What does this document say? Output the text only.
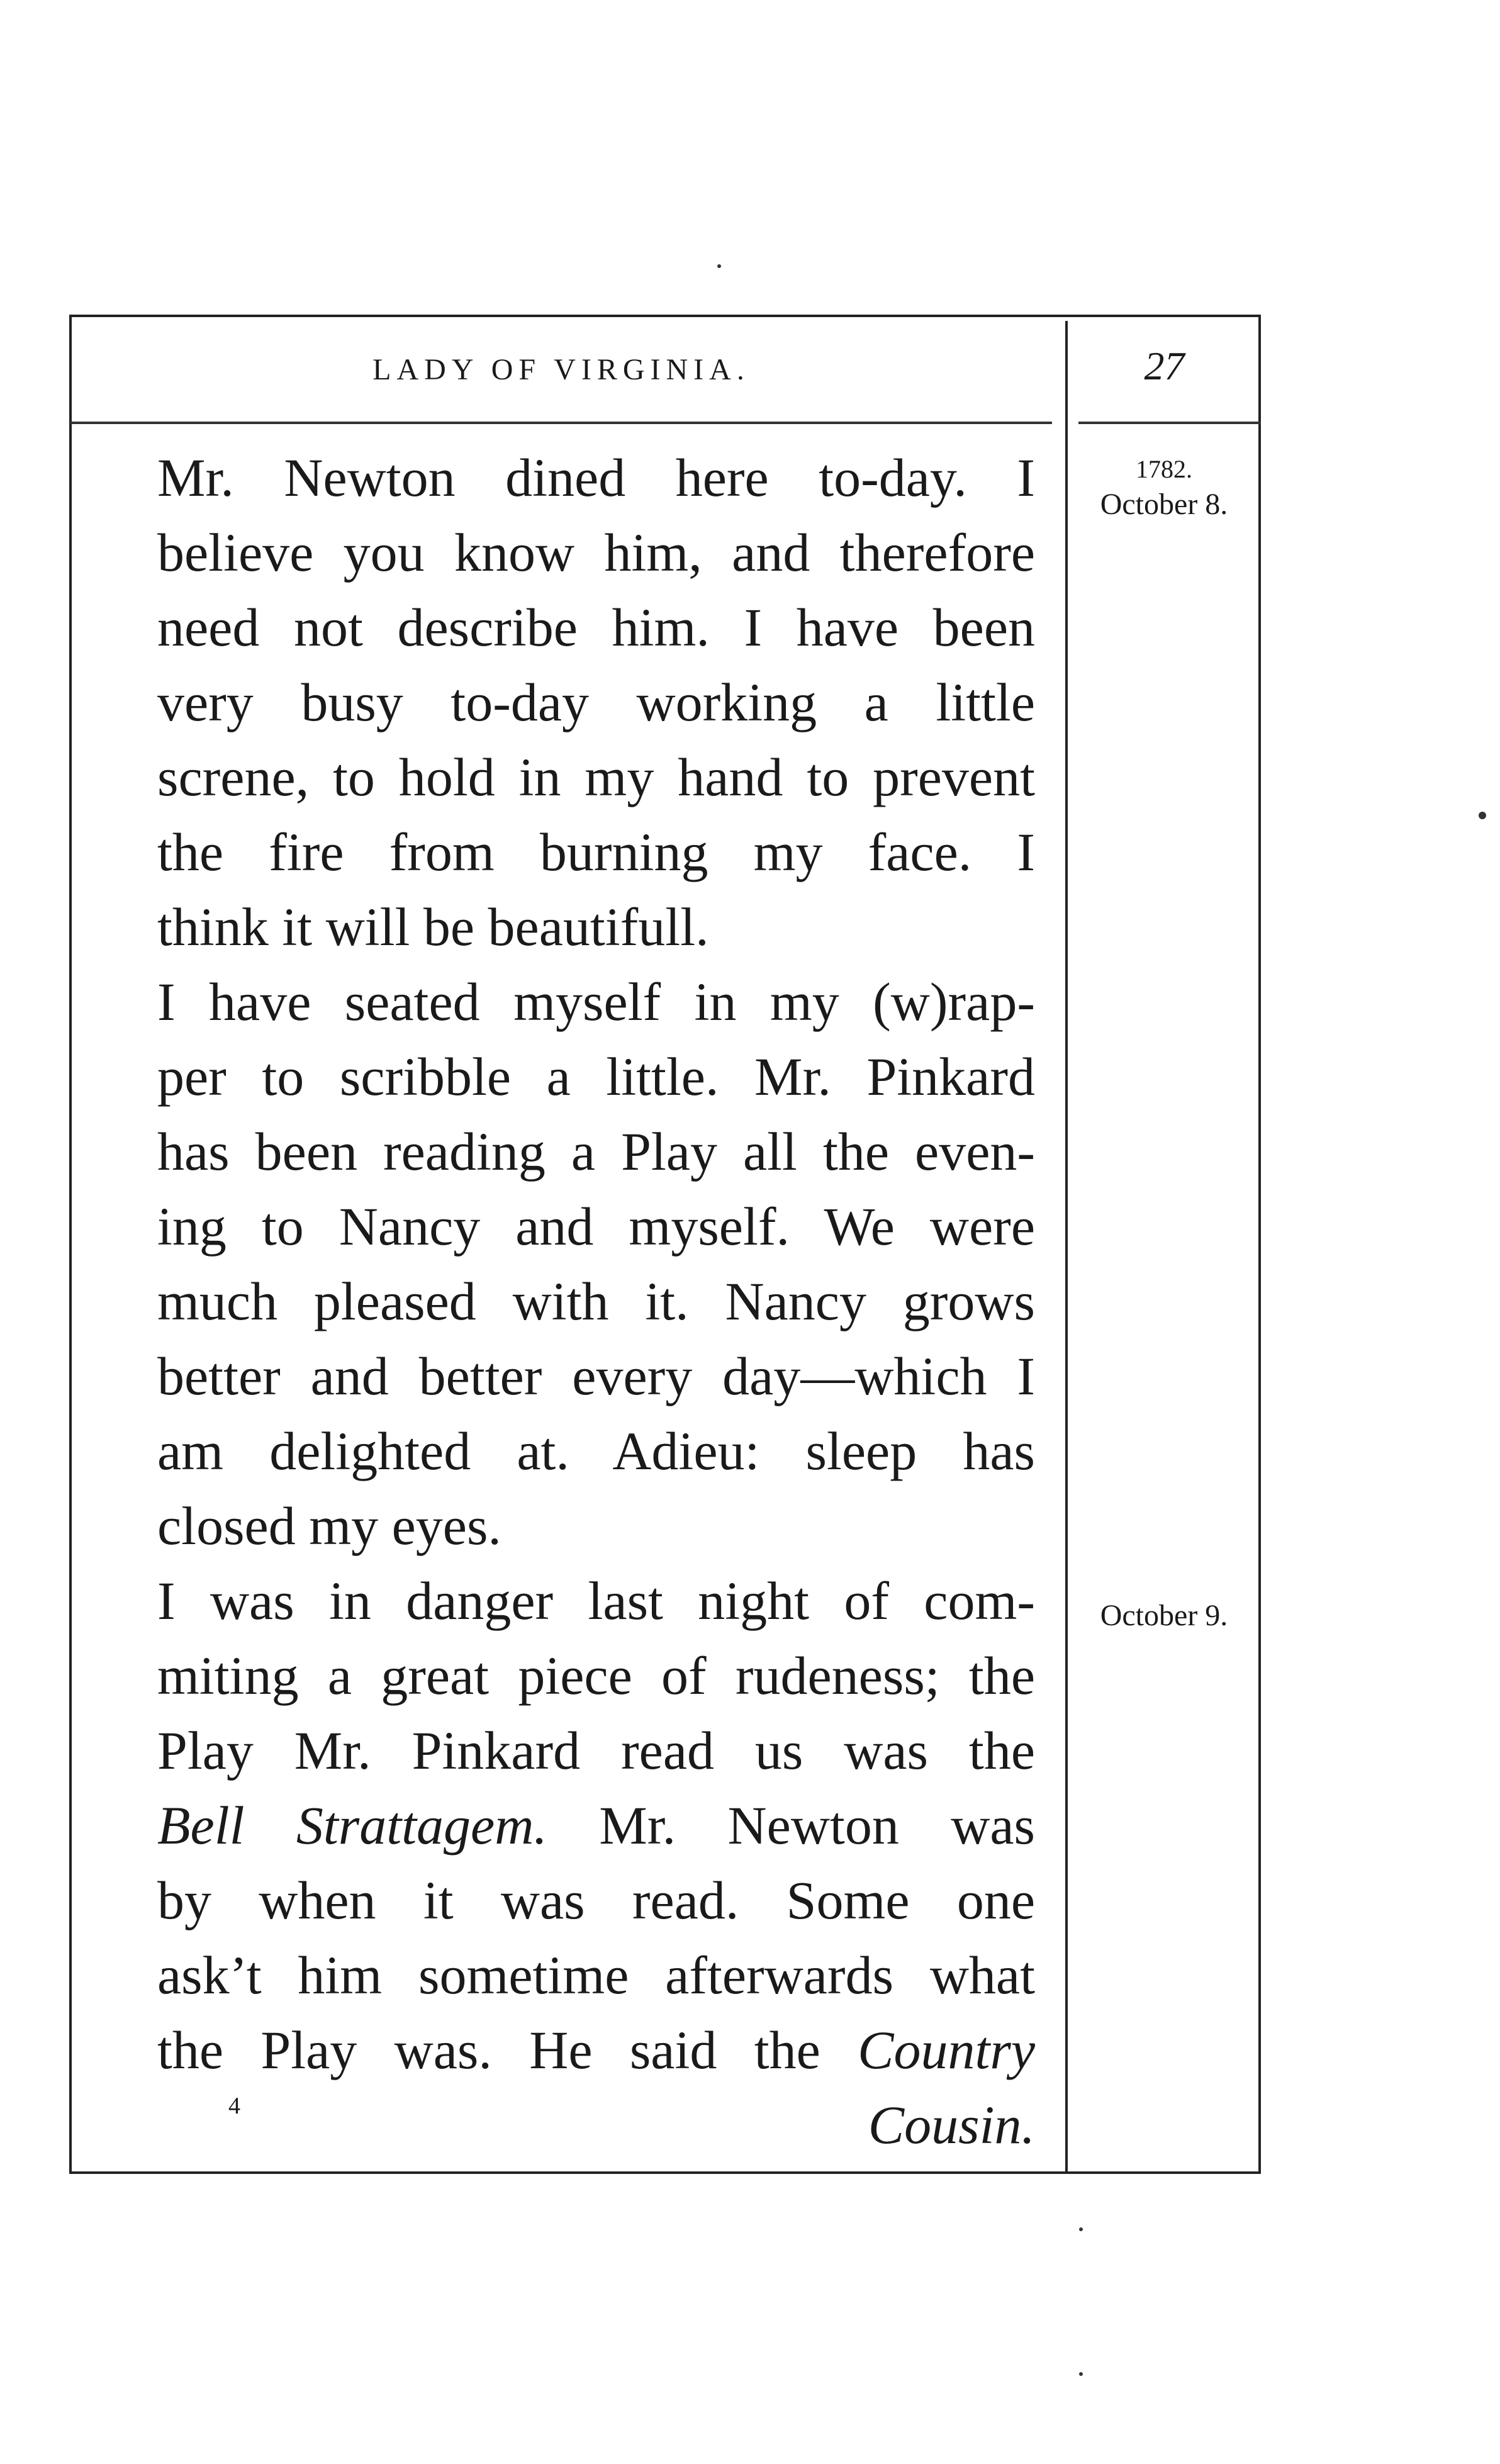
LADY OF VIRGINIA.	27
1782.
October 8.
October 9.

Mr. Newton dined here to-day. I
believe you know him, and therefore
need not describe him. I have been
very busy to-day working a little
screne, to hold in my hand to prevent
the fire from burning my face. I
think it will be beautifull.

I have seated myself in my (w)rap-
per to scribble a little. Mr. Pinkard
has been reading a Play all the even-
ing to Nancy and myself. We were
much pleased with it. Nancy grows
better and better every day—which I
am delighted at. Adieu: sleep has
closed my eyes.

I was in danger last night of com-
miting a great piece of rudeness; the
Play Mr. Pinkard read us was the
Bell Strattagem. Mr. Newton was
by when it was read. Some one
ask’t him sometime afterwards what
the Play was. He said the Country

4	Cousin.
